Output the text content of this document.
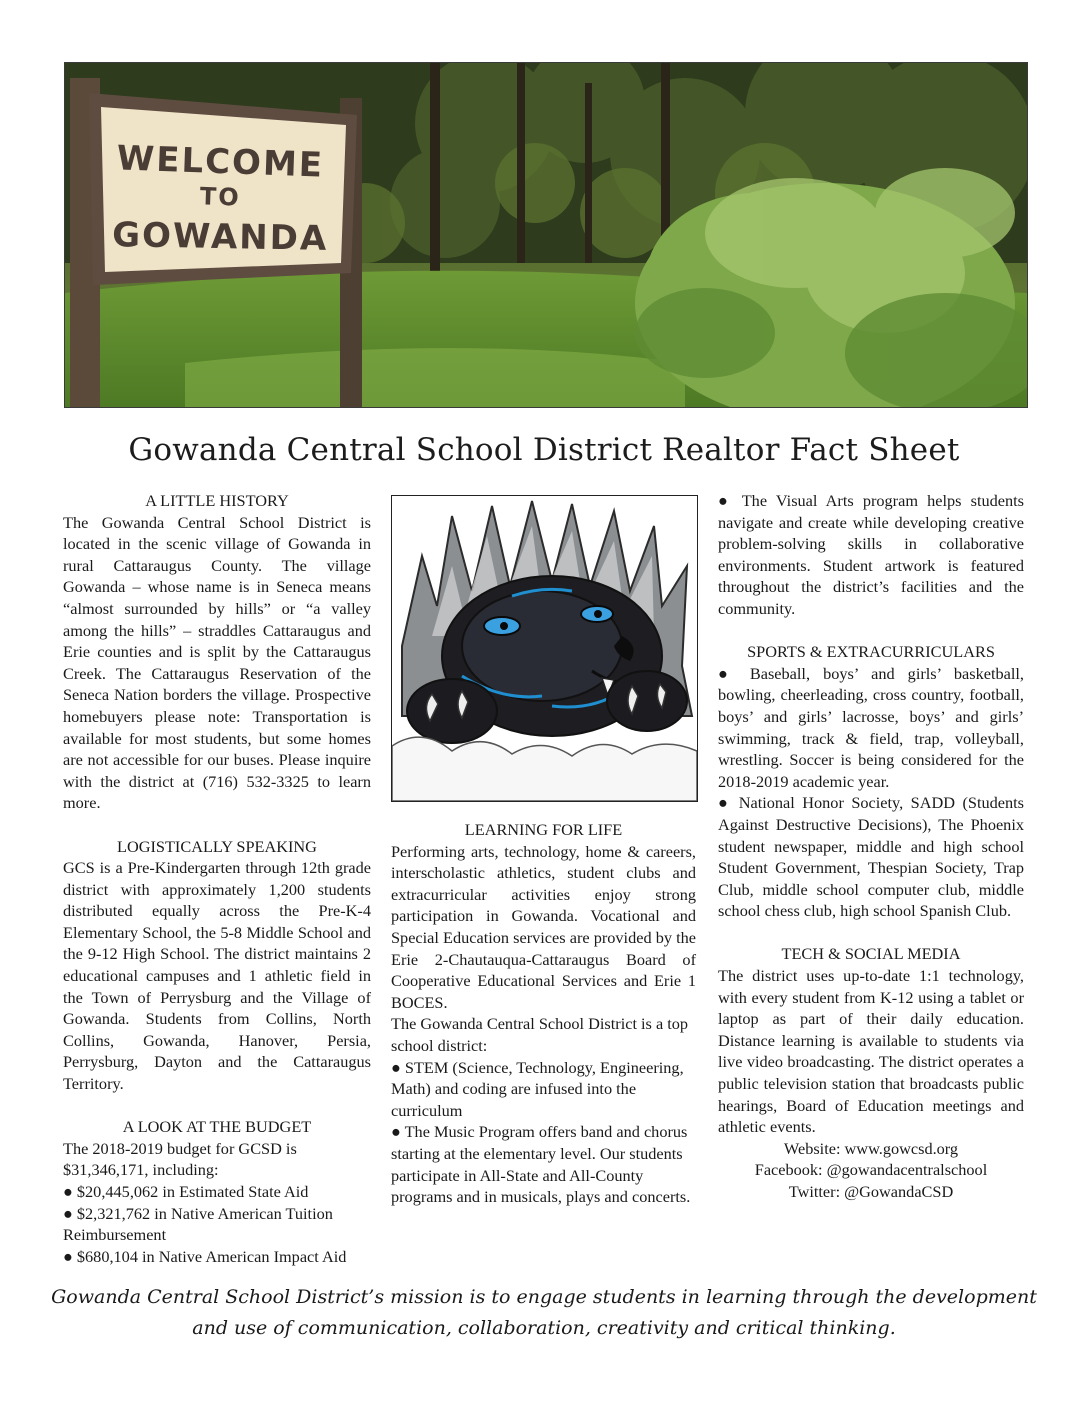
WELCOME
TO
GOWANDA
Gowanda Central School District Realtor Fact Sheet

A LITTLE HISTORY

The Gowanda Central School District is located in the scenic village of Gowanda in rural Cattaraugus County. The village Gowanda – whose name is in Seneca means “almost surrounded by hills” or “a valley among the hills” – straddles Cattaraugus and Erie counties and is split by the Cattaraugus Creek. The Cattaraugus Reservation of the Seneca Nation borders the village. Prospective homebuyers please note: Transportation is available for most students, but some homes are not accessible for our buses. Please inquire with the district at (716) 532-3325 to learn more.

LOGISTICALLY SPEAKING

GCS is a Pre-Kindergarten through 12th grade district with approximately 1,200 students distributed equally across the Pre-K-4 Elementary School, the 5-8 Middle School and the 9-12 High School. The district maintains 2 educational campuses and 1 athletic field in the Town of Perrysburg and the Village of Gowanda. Students from Collins, North Collins, Gowanda, Hanover, Persia, Perrysburg, Dayton and the Cattaraugus Territory.

A LOOK AT THE BUDGET

The 2018-2019 budget for GCSD is $31,346,171, including:

● $20,445,062 in Estimated State Aid

● $2,321,762 in Native American Tuition Reimbursement

● $680,104 in Native American Impact Aid

LEARNING FOR LIFE

Performing arts, technology, home & careers, interscholastic athletics, student clubs and extracurricular activities enjoy strong participation in Gowanda. Vocational and Special Education services are provided by the Erie 2-Chautauqua-Cattaraugus Board of Cooperative Educational Services and Erie 1 BOCES.

The Gowanda Central School District is a top school district:

● STEM (Science, Technology, Engineering, Math) and coding are infused into the curriculum

● The Music Program offers band and chorus starting at the elementary level. Our students participate in All-State and All-County programs and in musicals, plays and concerts.

● The Visual Arts program helps students navigate and create while developing creative problem-solving skills in collaborative environments. Student artwork is featured throughout the district’s facilities and the community.

SPORTS & EXTRACURRICULARS

● Baseball, boys’ and girls’ basketball, bowling, cheerleading, cross country, football, boys’ and girls’ lacrosse, boys’ and girls’ swimming, track & field, trap, volleyball, wrestling. Soccer is being considered for the 2018-2019 academic year.

● National Honor Society, SADD (Students Against Destructive Decisions), The Phoenix student newspaper, middle and high school Student Government, Thespian Society, Trap Club, middle school computer club, middle school chess club, high school Spanish Club.

TECH & SOCIAL MEDIA

The district uses up-to-date 1:1 technology, with every student from K-12 using a tablet or laptop as part of their daily education. Distance learning is available to students via live video broadcasting. The district operates a public television station that broadcasts public hearings, Board of Education meetings and athletic events.

Website: www.gowcsd.org

Facebook: @gowandacentralschool

Twitter: @GowandaCSD

Gowanda Central School District’s mission is to engage students in learning through the development
and use of communication, collaboration, creativity and critical thinking.
